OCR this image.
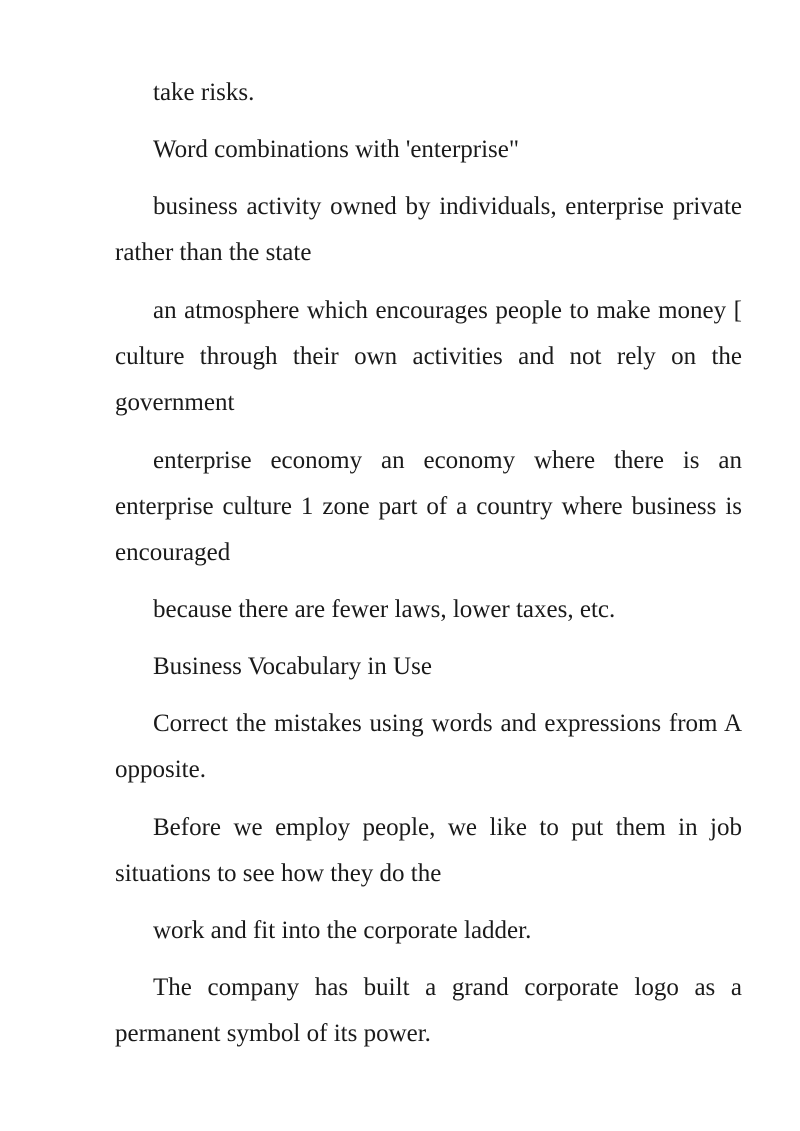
take risks.

Word combinations with 'enterprise"

business activity owned by individuals, enterprise private rather than the state

an atmosphere which encourages people to make money [ culture through their own activities and not rely on the government

enterprise economy an economy where there is an enterprise culture 1 zone part of a country where business is encouraged

because there are fewer laws, lower taxes, etc.

Business Vocabulary in Use

Correct the mistakes using words and expressions from A opposite.

Before we employ people, we like to put them in job situations to see how they do the

work and fit into the corporate ladder.

The company has built a grand corporate logo as a permanent symbol of its power.
